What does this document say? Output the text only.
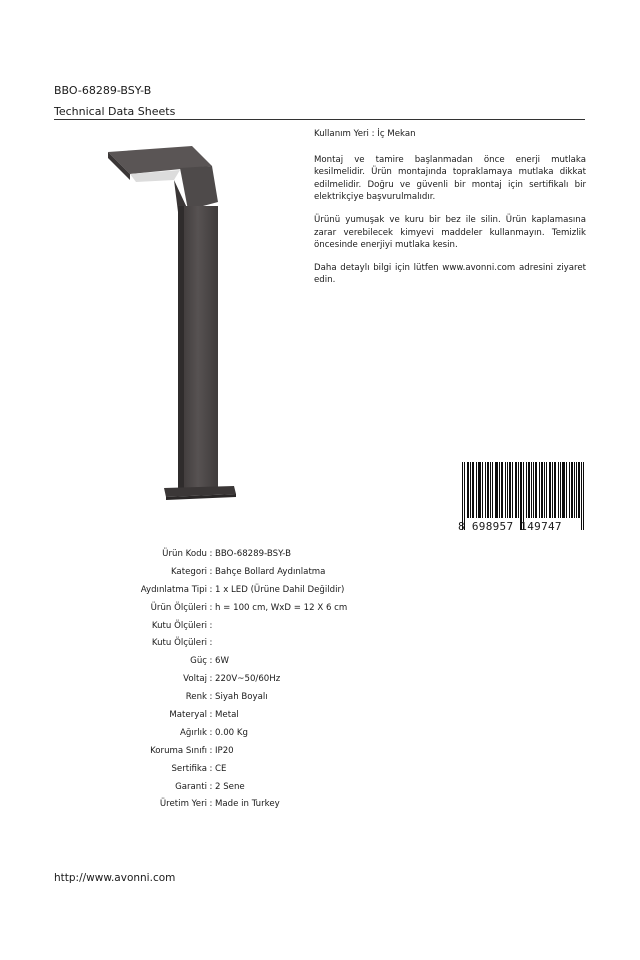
BBO-68289-BSY-B
Technical Data Sheets

Kullanım Yeri : İç Mekan

Montaj ve tamire başlanmadan önce enerji mutlaka kesilmelidir. Ürün montajında topraklamaya mutlaka dikkat edilmelidir. Doğru ve güvenli bir montaj için sertifikalı bir elektrikçiye başvurulmalıdır.

Ürünü yumuşak ve kuru bir bez ile silin. Ürün kaplamasına zarar verebilecek kimyevi maddeler kullanmayın. Temizlik öncesinde enerjiyi mutlaka kesin.

Daha detaylı bilgi için lütfen www.avonni.com adresini ziyaret edin.

8 698957 149747
Ürün Kodu : BBO-68289-BSY-B
Kategori : Bahçe Bollard Aydınlatma
Aydınlatma Tipi : 1 x LED (Ürüne Dahil Değildir)
Ürün Ölçüleri : h = 100 cm, WxD = 12 X 6 cm
Kutu Ölçüleri :
Kutu Ölçüleri :
Güç : 6W
Voltaj : 220V~50/60Hz
Renk : Siyah Boyalı
Materyal : Metal
Ağırlık : 0.00 Kg
Koruma Sınıfı : IP20
Sertifika : CE
Garanti : 2 Sene
Üretim Yeri : Made in Turkey
http://www.avonni.com
